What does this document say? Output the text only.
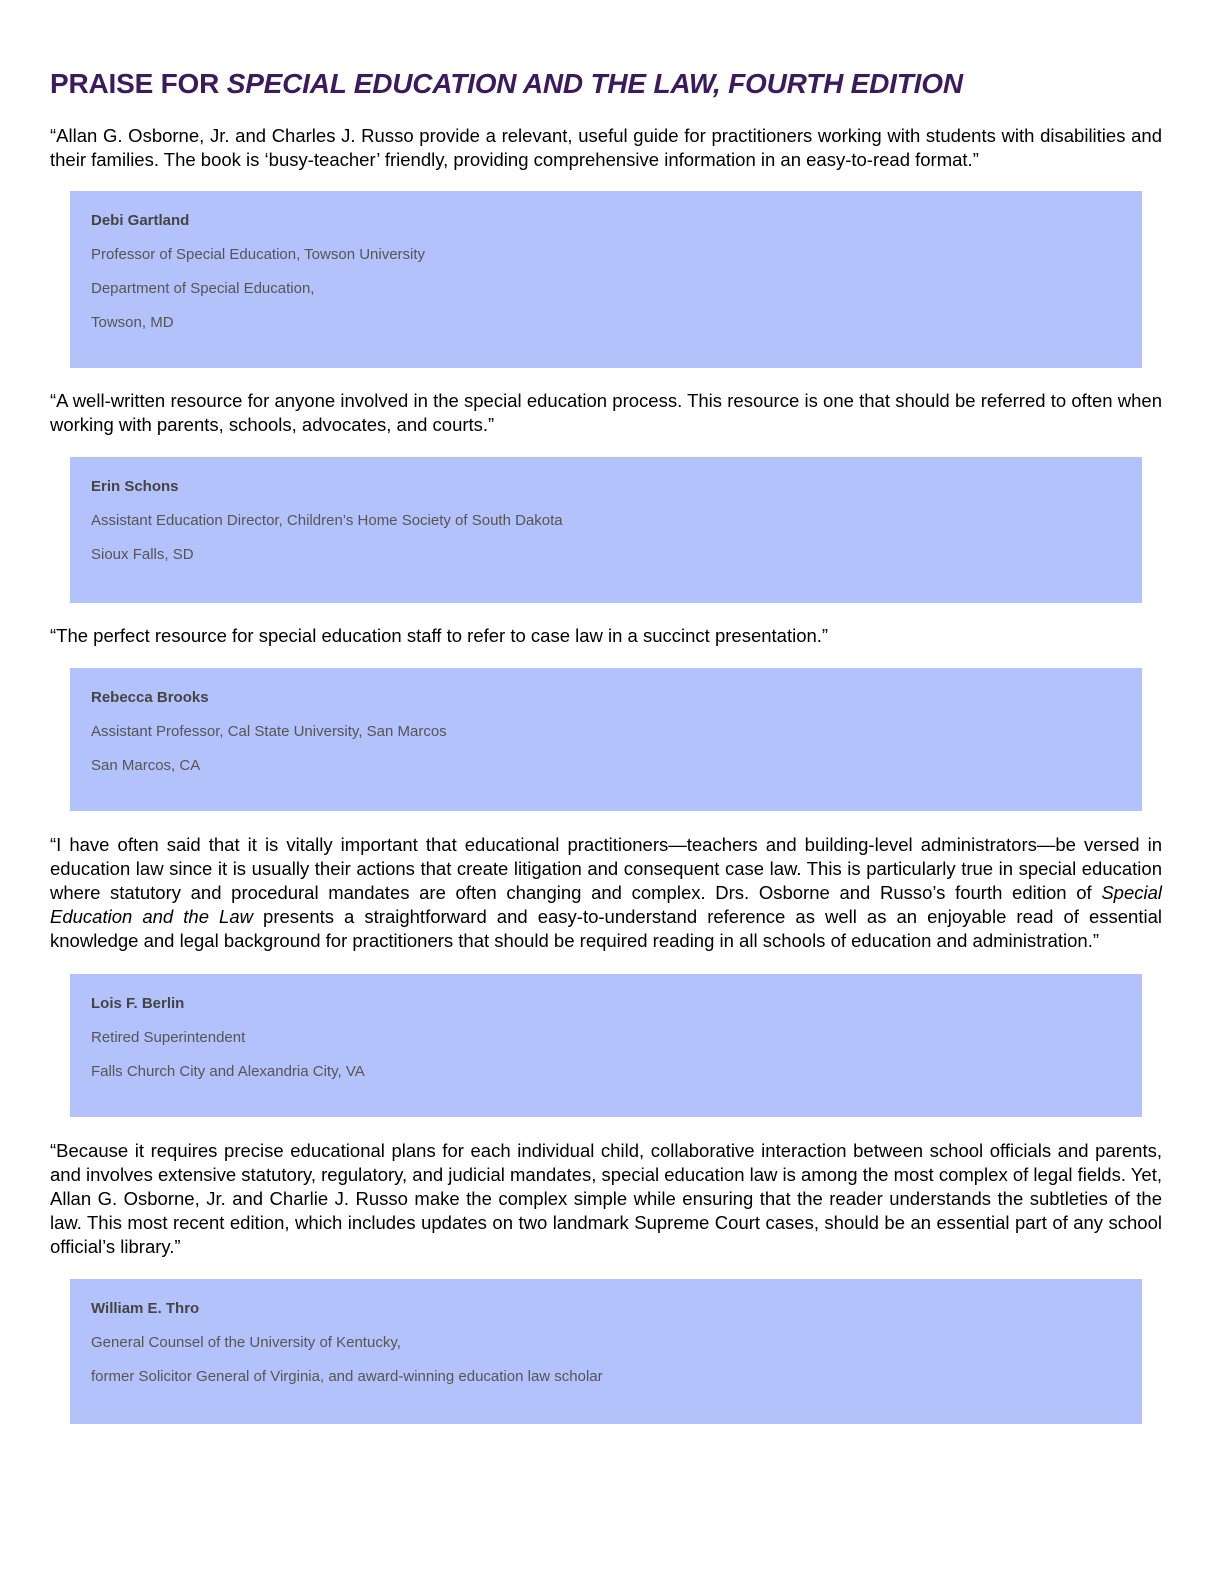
PRAISE FOR SPECIAL EDUCATION AND THE LAW, FOURTH EDITION

“Allan G. Osborne, Jr. and Charles J. Russo provide a relevant, useful guide for practitioners working with students with disabilities and their families. The book is ‘busy-teacher’ friendly, providing comprehensive information in an easy-to-read format.”

Debi Gartland
Professor of Special Education, Towson University
Department of Special Education,
Towson, MD

“A well-written resource for anyone involved in the special education process. This resource is one that should be referred to often when working with parents, schools, advocates, and courts.”

Erin Schons
Assistant Education Director, Children’s Home Society of South Dakota
Sioux Falls, SD

“The perfect resource for special education staff to refer to case law in a succinct presentation.”

Rebecca Brooks
Assistant Professor, Cal State University, San Marcos
San Marcos, CA

“I have often said that it is vitally important that educational practitioners—teachers and building-level administrators—be versed in education law since it is usually their actions that create litigation and consequent case law. This is particularly true in special education where statutory and procedural mandates are often changing and complex. Drs. Osborne and Russo’s fourth edition of Special Education and the Law presents a straightforward and easy-to-understand reference as well as an enjoyable read of essential knowledge and legal background for practitioners that should be required reading in all schools of education and administration.”

Lois F. Berlin
Retired Superintendent
Falls Church City and Alexandria City, VA

“Because it requires precise educational plans for each individual child, collaborative interaction between school officials and parents, and involves extensive statutory, regulatory, and judicial mandates, special education law is among the most complex of legal fields. Yet, Allan G. Osborne, Jr. and Charlie J. Russo make the complex simple while ensuring that the reader understands the subtleties of the law. This most recent edition, which includes updates on two landmark Supreme Court cases, should be an essential part of any school official’s library.”

William E. Thro
General Counsel of the University of Kentucky,
former Solicitor General of Virginia, and award-winning education law scholar
